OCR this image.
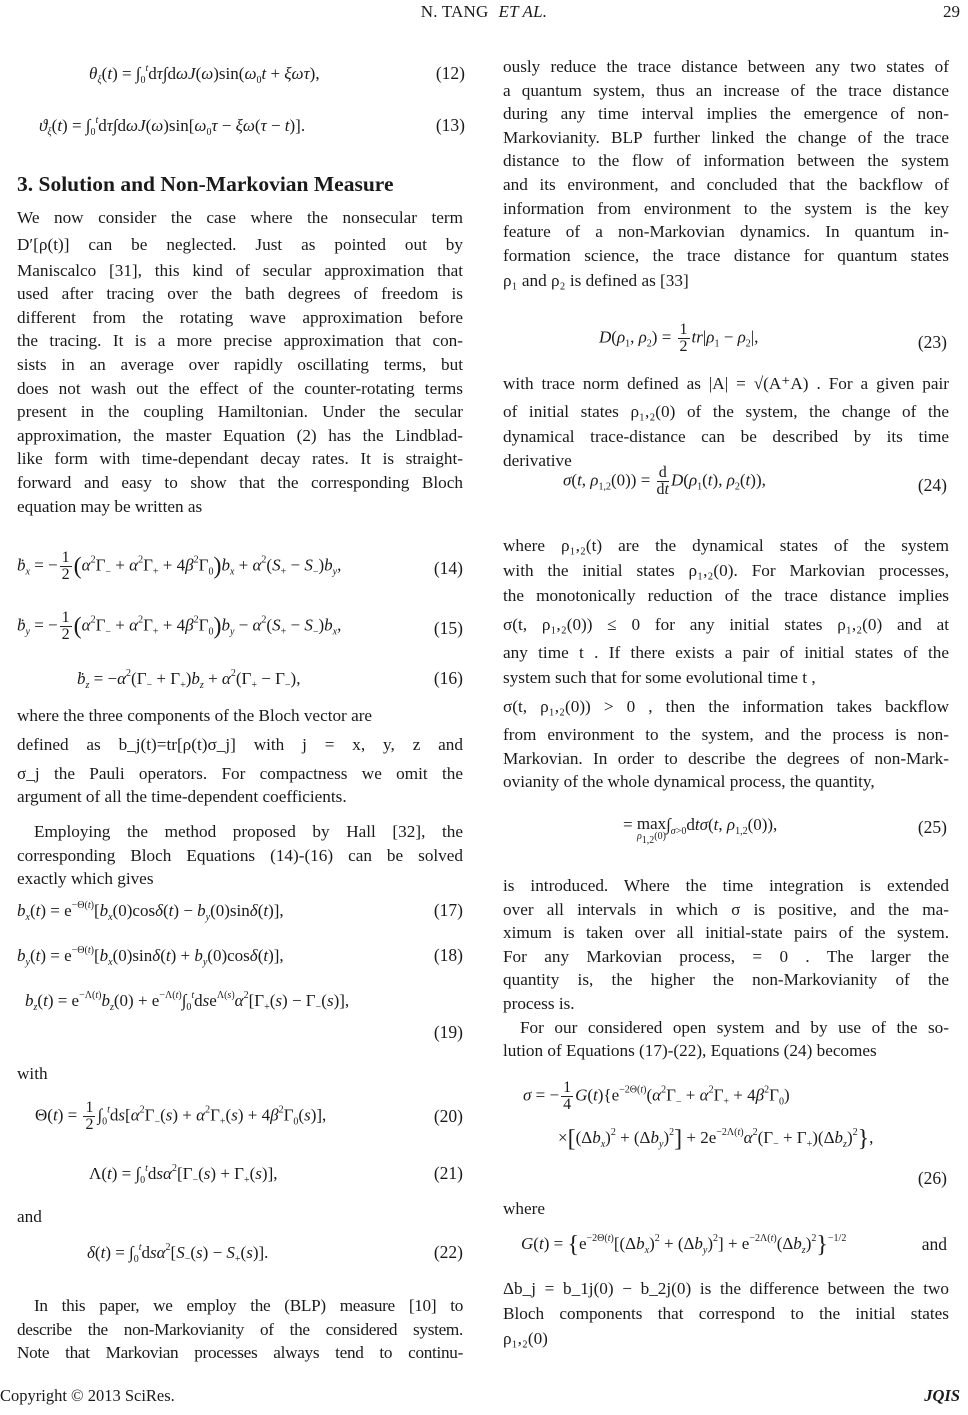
N. TANG ET AL.	29
$\theta_\xi(t) = \int_0^td\tau\int d\omega J(\omega)\sin(\omega_0t + \xi\omega\tau)$,	(12)
$ϑ_\xi(t) = \int_0^td\tau\int d\omega J(\omega)\sin[\omega_0\tau - \xi\omega(\tau - t)]$.	(13)
3. Solution and Non-Markovian Measure
We now consider the case where the nonsecular term
D′[ρ(t)] can be neglected. Just as pointed out by
Maniscalco [31], this kind of secular approximation that
used after tracing over the bath degrees of freedom is
different from the rotating wave approximation before
the tracing. It is a more precise approximation that con-
sists in an average over rapidly oscillating terms, but
does not wash out the effect of the counter-rotating terms
present in the coupling Hamiltonian. Under the secular
approximation, the master Equation (2) has the Lindblad-
like form with time-dependant decay rates. It is straight-
forward and easy to show that the corresponding Bloch
equation may be written as
ḃ$_x$ = − $\frac{1}{2} (\alpha^2\Gamma_- + \alpha^2\Gamma_+ + 4\beta^2\Gamma_0)b_x + \alpha^2(S_+ - S_-)b_y$,	(14)
ḃ$_y$ = − $\frac{1}{2} (\alpha^2\Gamma_- + \alpha^2\Gamma_+ + 4\beta^2\Gamma_0)b_y - \alpha^2(S_+ - S_-)b_x$,	(15)
ḃ$_z$ = $-\alpha^2(\Gamma_- + \Gamma_+)b_z + \alpha^2(\Gamma_+ - \Gamma_-)$,	(16)
where the three components of the Bloch vector are
defined as b_j(t)=tr[ρ(t)σ_j] with j = x, y, z and
σ_j the Pauli operators. For compactness we omit the
argument of all the time-dependent coefficients.
Employing the method proposed by Hall [32], the
corresponding Bloch Equations (14)-(16) can be solved
exactly which gives
$b_x(t) = e^{-\Theta(t)}[b_x(0)\cos\delta(t) - b_y(0)\sin\delta(t)]$,	(17)
$b_y(t) = e^{-\Theta(t)}[b_x(0)\sin\delta(t) + b_y(0)\cos\delta(t)]$,	(18)
$b_z(t) = e^{-\Lambda(t)}b_z(0) + e^{-\Lambda(t)}\int_0^tdse^{\Lambda(s)}\alpha^2[\Gamma_+(s) - \Gamma_-(s)]$,
(19)
with
$\Theta(t) = \frac{1}{2} \int_0^tds[\alpha^2\Gamma_-(s) + \alpha^2\Gamma_+(s) + 4\beta^2\Gamma_0(s)]$,	(20)
$\Lambda(t) = \int_0^tds\alpha^2[\Gamma_-(s) + \Gamma_+(s)]$,	(21)
and
$\delta(t) = \int_0^tds\alpha^2[S_-(s) - S_+(s)]$.	(22)
In this paper, we employ the (BLP) measure [10] to
describe the non-Markovianity of the considered system.
Note that Markovian processes always tend to continu-
ously reduce the trace distance between any two states of
a quantum system, thus an increase of the trace distance
during any time interval implies the emergence of non-
Markovianity. BLP further linked the change of the trace
distance to the flow of information between the system
and its environment, and concluded that the backflow of
information from environment to the system is the key
feature of a non-Markovian dynamics. In quantum in-
formation science, the trace distance for quantum states
ρ₁ and ρ₂ is defined as [33]
$D(\rho_1$, $\rho_2) = \frac{1}{2} tr|\rho_1 - \rho_2|$,	(23)
with trace norm defined as |A| = √(A⁺A) . For a given pair
of initial states ρ₁,₂(0) of the system, the change of the
dynamical trace-distance can be described by its time
derivative
σ(t, $\rho_{1,2}(0)) = \frac{d}{dt} D(\rho_1(t)$, $\rho_2(t)$),	(24)
where ρ₁,₂(t) are the dynamical states of the system
with the initial states ρ₁,₂(0). For Markovian processes,
the monotonically reduction of the trace distance implies
σ(t, ρ₁,₂(0)) ≤ 0 for any initial states ρ₁,₂(0) and at
any time t . If there exists a pair of initial states of the
system such that for some evolutional time t ,
σ(t, ρ₁,₂(0)) > 0 , then the information takes backflow
from environment to the system, and the process is non-
Markovian. In order to describe the degrees of non-Mark-
ovianity of the whole dynamical process, the quantity,
= max
$\rho_{1,2}(0)$
$\int_{\sigma>0}dt\sigma(t$, $\rho_{1,2}(0)$),	(25)
is introduced. Where the time integration is extended
over all intervals in which σ is positive, and the ma-
ximum is taken over all initial-state pairs of the system.
For any Markovian process, = 0 . The larger the
quantity is, the higher the non-Markovianity of the
process is.
For our considered open system and by use of the so-
lution of Equations (17)-(22), Equations (24) becomes
σ = − $\frac{1}{4} G(t)\{e^{-2\Theta(t)}(\alpha^2\Gamma_- + \alpha^2\Gamma_+ + 4\beta^2\Gamma_0)$
$\times[(\Delta b_x)^2 + (\Delta b_y)^2] + 2e^{-2\Lambda(t)}\alpha^2(\Gamma_- + \Gamma_+)(\Delta b_z)^2$},
(26)
where
$G(t) = \{e^{-2\Theta(t)}[(\Delta b_x)^2 + (\Delta b_y)^2] + e^{-2\Lambda(t)}(\Delta b_z)^2\}^{-1/2}$	and
Δb_j = b_1j(0) − b_2j(0) is the difference between the two
Bloch components that correspond to the initial states
ρ₁,₂(0)
Copyright © 2013 SciRes.	JQIS
